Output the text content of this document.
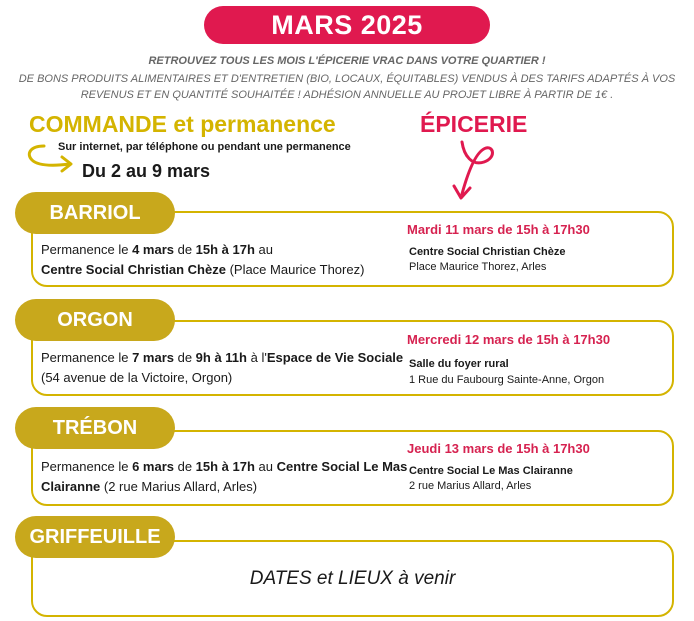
MARS 2025
RETROUVEZ TOUS LES MOIS L'ÉPICERIE VRAC DANS VOTRE QUARTIER !
DE BONS PRODUITS ALIMENTAIRES ET D'ENTRETIEN (BIO, LOCAUX, ÉQUITABLES) VENDUS À DES TARIFS ADAPTÉS À VOS
REVENUS ET EN QUANTITÉ SOUHAITÉE ! ADHÉSION ANNUELLE AU PROJET LIBRE À PARTIR DE 1€ .
COMMANDE et permanence
Sur internet, par téléphone ou pendant une permanence
Du 2 au 9 mars
ÉPICERIE
BARRIOL
Permanence le 4 mars de 15h à 17h au
Centre Social Christian Chèze (Place Maurice Thorez)
Mardi 11 mars de 15h à 17h30
Centre Social Christian Chèze
Place Maurice Thorez, Arles
ORGON
Permanence le 7 mars de 9h à 11h à l'Espace de Vie Sociale (54 avenue de la Victoire, Orgon)
Mercredi 12 mars de 15h à 17h30
Salle du foyer rural
1 Rue du Faubourg Sainte-Anne, Orgon
TRÉBON
Permanence le 6 mars de 15h à 17h au Centre Social Le Mas Clairanne (2 rue Marius Allard, Arles)
Jeudi 13 mars de 15h à 17h30
Centre Social Le Mas Clairanne
2 rue Marius Allard, Arles
GRIFFEUILLE
DATES et LIEUX à venir
